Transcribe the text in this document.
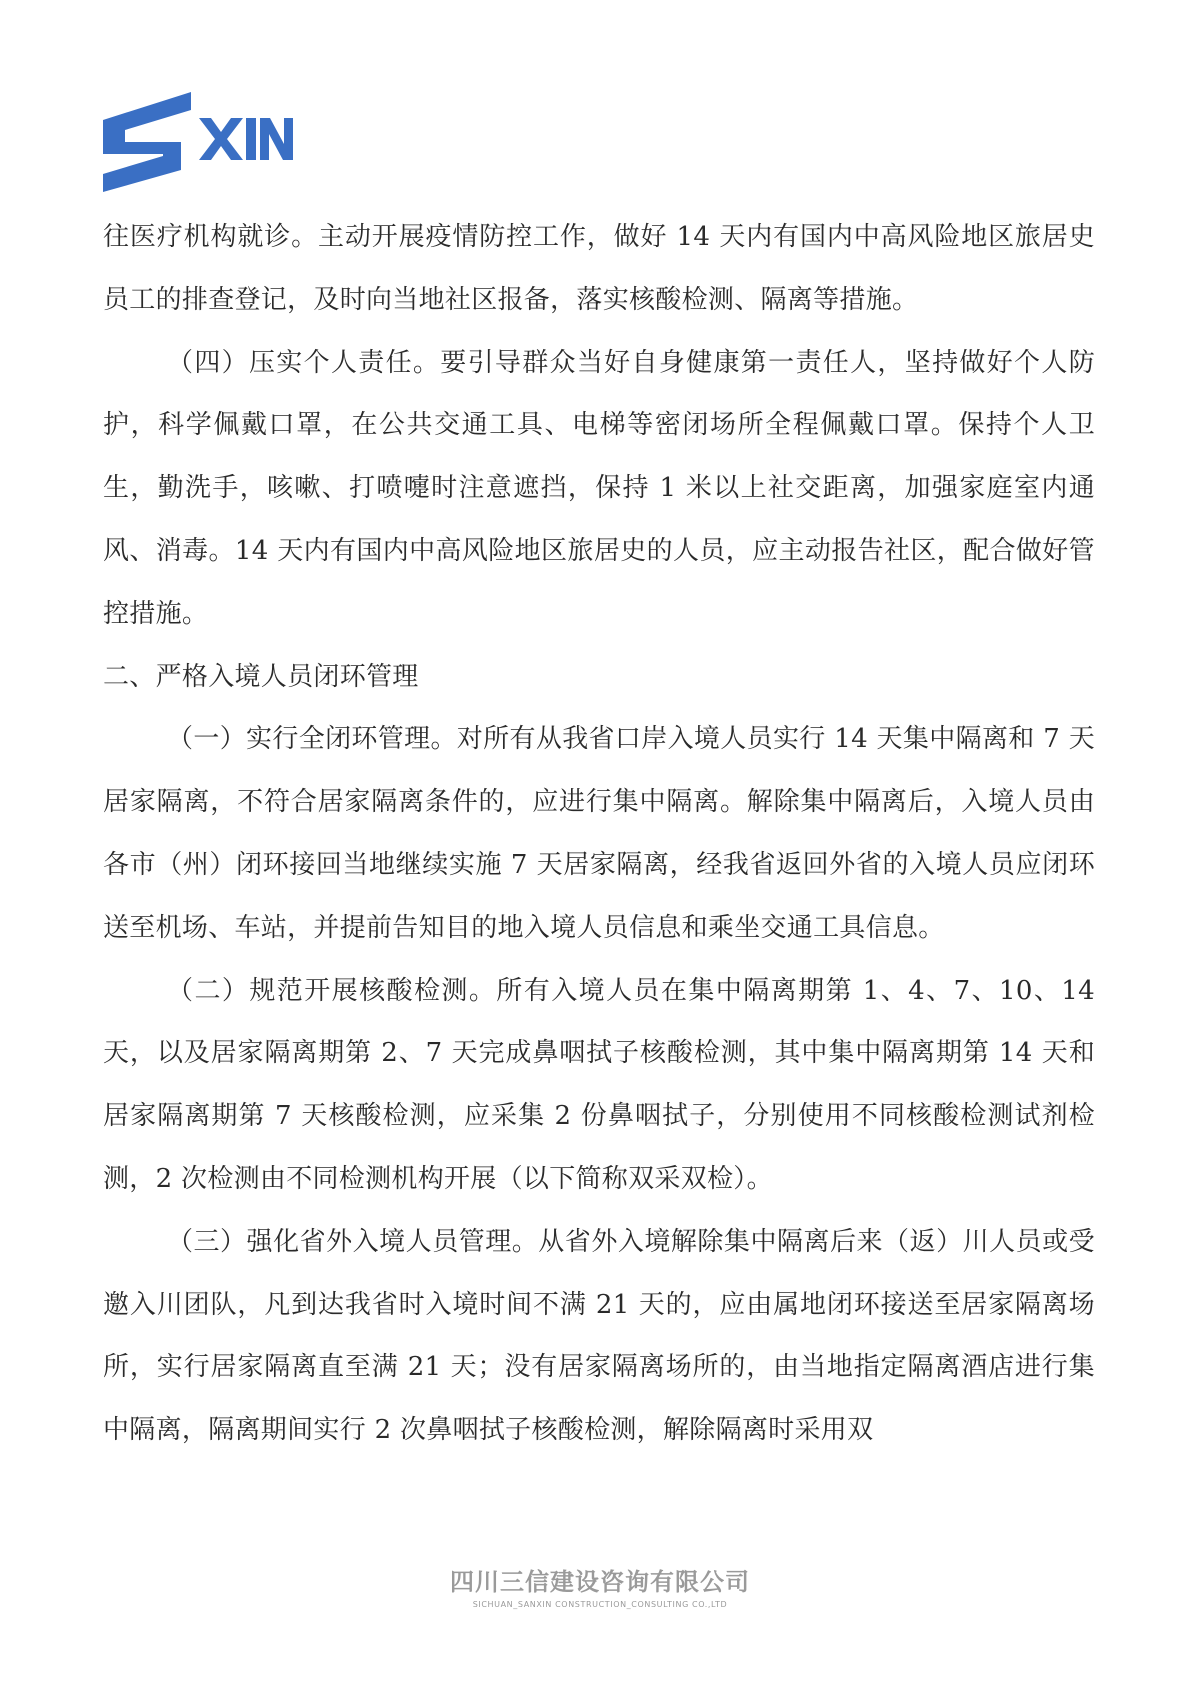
往医疗机构就诊。主动开展疫情防控工作，做好 14 天内有国内中高风险地区旅居史员工的排查登记，及时向当地社区报备，落实核酸检测、隔离等措施。

（四）压实个人责任。要引导群众当好自身健康第一责任人，坚持做好个人防护，科学佩戴口罩，在公共交通工具、电梯等密闭场所全程佩戴口罩。保持个人卫生，勤洗手，咳嗽、打喷嚏时注意遮挡，保持 1 米以上社交距离，加强家庭室内通风、消毒。14 天内有国内中高风险地区旅居史的人员，应主动报告社区，配合做好管控措施。

二、严格入境人员闭环管理

（一）实行全闭环管理。对所有从我省口岸入境人员实行 14 天集中隔离和 7 天居家隔离，不符合居家隔离条件的，应进行集中隔离。解除集中隔离后，入境人员由各市（州）闭环接回当地继续实施 7 天居家隔离，经我省返回外省的入境人员应闭环送至机场、车站，并提前告知目的地入境人员信息和乘坐交通工具信息。

（二）规范开展核酸检测。所有入境人员在集中隔离期第 1、4、7、10、14 天，以及居家隔离期第 2、7 天完成鼻咽拭子核酸检测，其中集中隔离期第 14 天和居家隔离期第 7 天核酸检测，应采集 2 份鼻咽拭子，分别使用不同核酸检测试剂检测，2 次检测由不同检测机构开展（以下简称双采双检）。

（三）强化省外入境人员管理。从省外入境解除集中隔离后来（返）川人员或受邀入川团队，凡到达我省时入境时间不满 21 天的，应由属地闭环接送至居家隔离场所，实行居家隔离直至满 21 天；没有居家隔离场所的，由当地指定隔离酒店进行集中隔离，隔离期间实行 2 次鼻咽拭子核酸检测，解除隔离时采用双

四川三信建设咨询有限公司
SICHUAN_SANXIN CONSTRUCTION_CONSULTING CO.,LTD
